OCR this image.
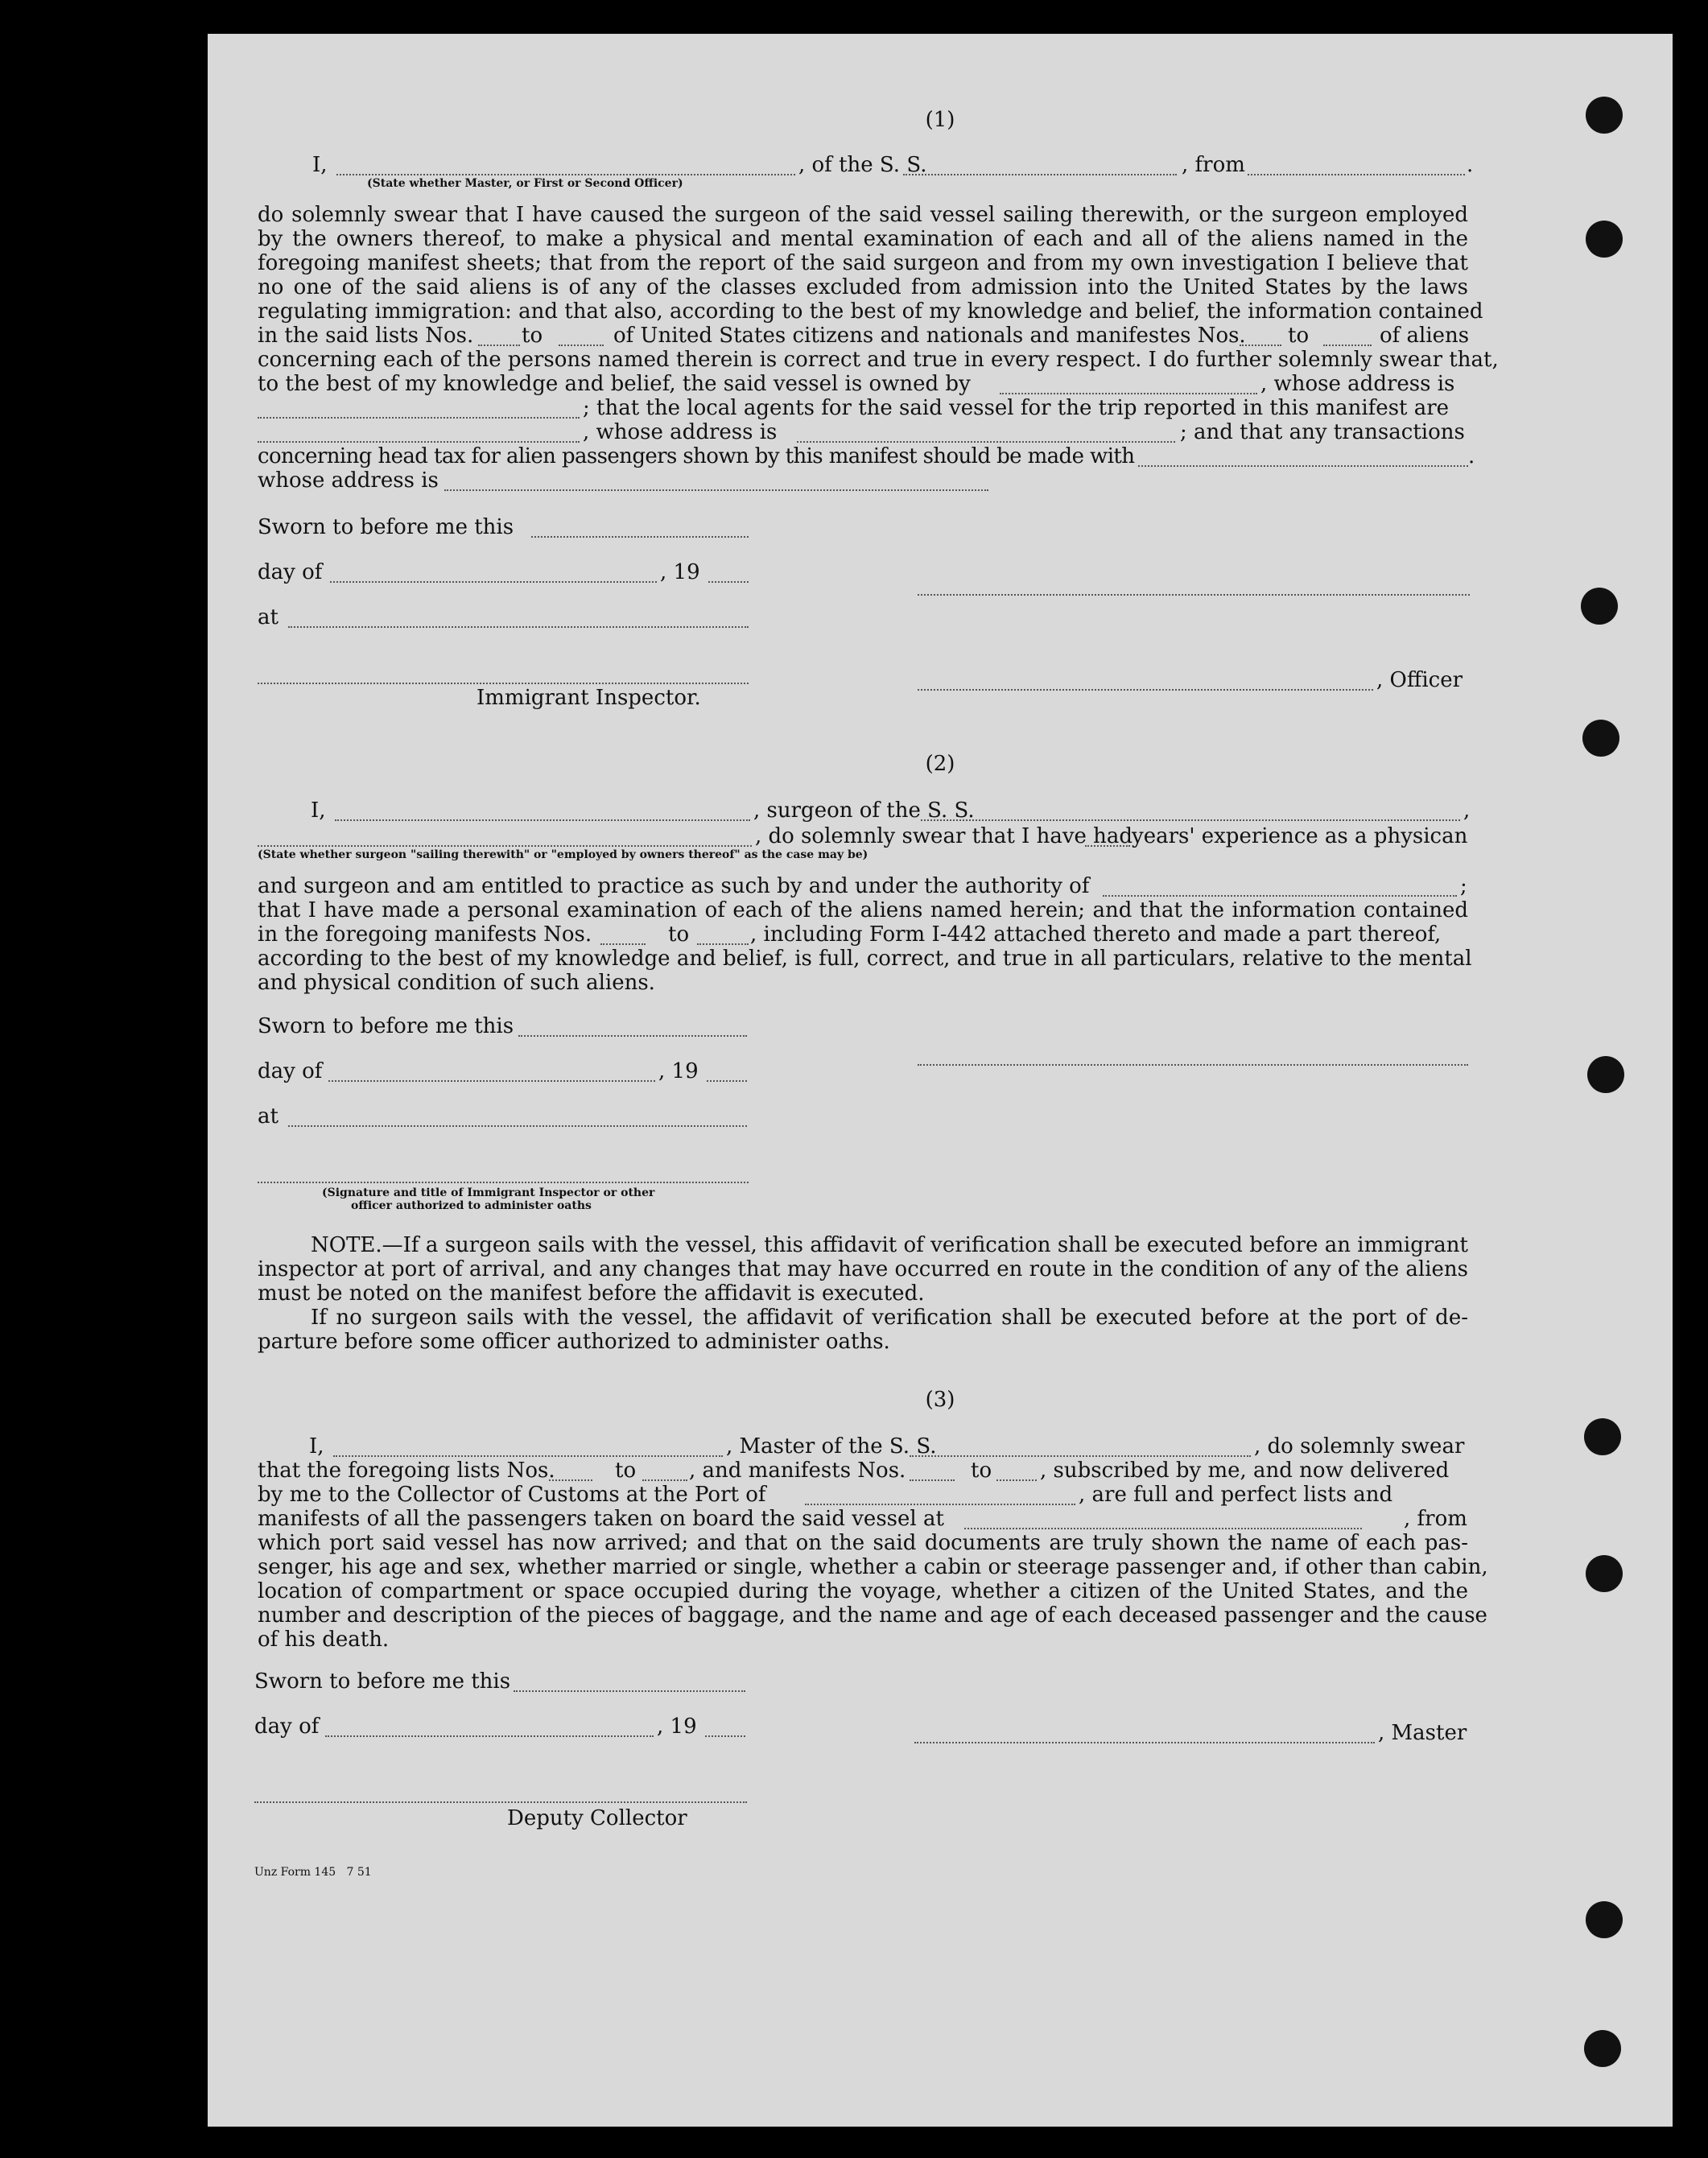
(1)
I,	, of the S. S.	, from	.
(State whether Master, or First or Second Officer)
do solemnly swear that I have caused the surgeon of the said vessel sailing therewith, or the surgeon employed
by the owners thereof, to make a physical and mental examination of each and all of the aliens named in the
foregoing manifest sheets; that from the report of the said surgeon and from my own investigation I believe that
no one of the said aliens is of any of the classes excluded from admission into the United States by the laws
regulating immigration: and that also, according to the best of my knowledge and belief, the information contained
in the said lists Nos. to	of United States citizens and nationals and manifestes Nos. to	of aliens
concerning each of the persons named therein is correct and true in every respect. I do further solemnly swear that,
to the best of my knowledge and belief, the said vessel is owned by	, whose address is
; that the local agents for the said vessel for the trip reported in this manifest are
, whose address is	; and that any transactions
concerning head tax for alien passengers shown by this manifest should be made with	.
whose address is
Sworn to before me this
day of	, 19
at
, Officer
Immigrant Inspector.
(2)
I,	, surgeon of the S. S.	,
, do solemnly swear that I have had
years' experience as a physican
(State whether surgeon "sailing therewith" or "employed by owners thereof" as the case may be)
and surgeon and am entitled to practice as such by and under the authority of	;
that I have made a personal examination of each of the aliens named herein; and that the information contained
in the foregoing manifests Nos.	to	, including Form I-442 attached thereto and made a part thereof,
according to the best of my knowledge and belief, is full, correct, and true in all particulars, relative to the mental
and physical condition of such aliens.
Sworn to before me this
day of	, 19
at
(Signature and title of Immigrant Inspector or other
officer authorized to administer oaths
NOTE.—If a surgeon sails with the vessel, this affidavit of verification shall be executed before an immigrant
inspector at port of arrival, and any changes that may have occurred en route in the condition of any of the aliens
must be noted on the manifest before the affidavit is executed.
If no surgeon sails with the vessel, the affidavit of verification shall be executed before at the port of de-
parture before some officer authorized to administer oaths.
(3)
I,	, Master of the S. S.	, do solemnly swear
that the foregoing lists Nos.	to	, and manifests Nos.	to , subscribed by me, and now delivered
by me to the Collector of Customs at the Port of	, are full and perfect lists and
manifests of all the passengers taken on board the said vessel at	, from
which port said vessel has now arrived; and that on the said documents are truly shown the name of each pas-
senger, his age and sex, whether married or single, whether a cabin or steerage passenger and, if other than cabin,
location of compartment or space occupied during the voyage, whether a citizen of the United States, and the
number and description of the pieces of baggage, and the name and age of each deceased passenger and the cause
of his death.
Sworn to before me this
day of	, 19	, Master
Deputy Collector
Unz Form 145   7 51
